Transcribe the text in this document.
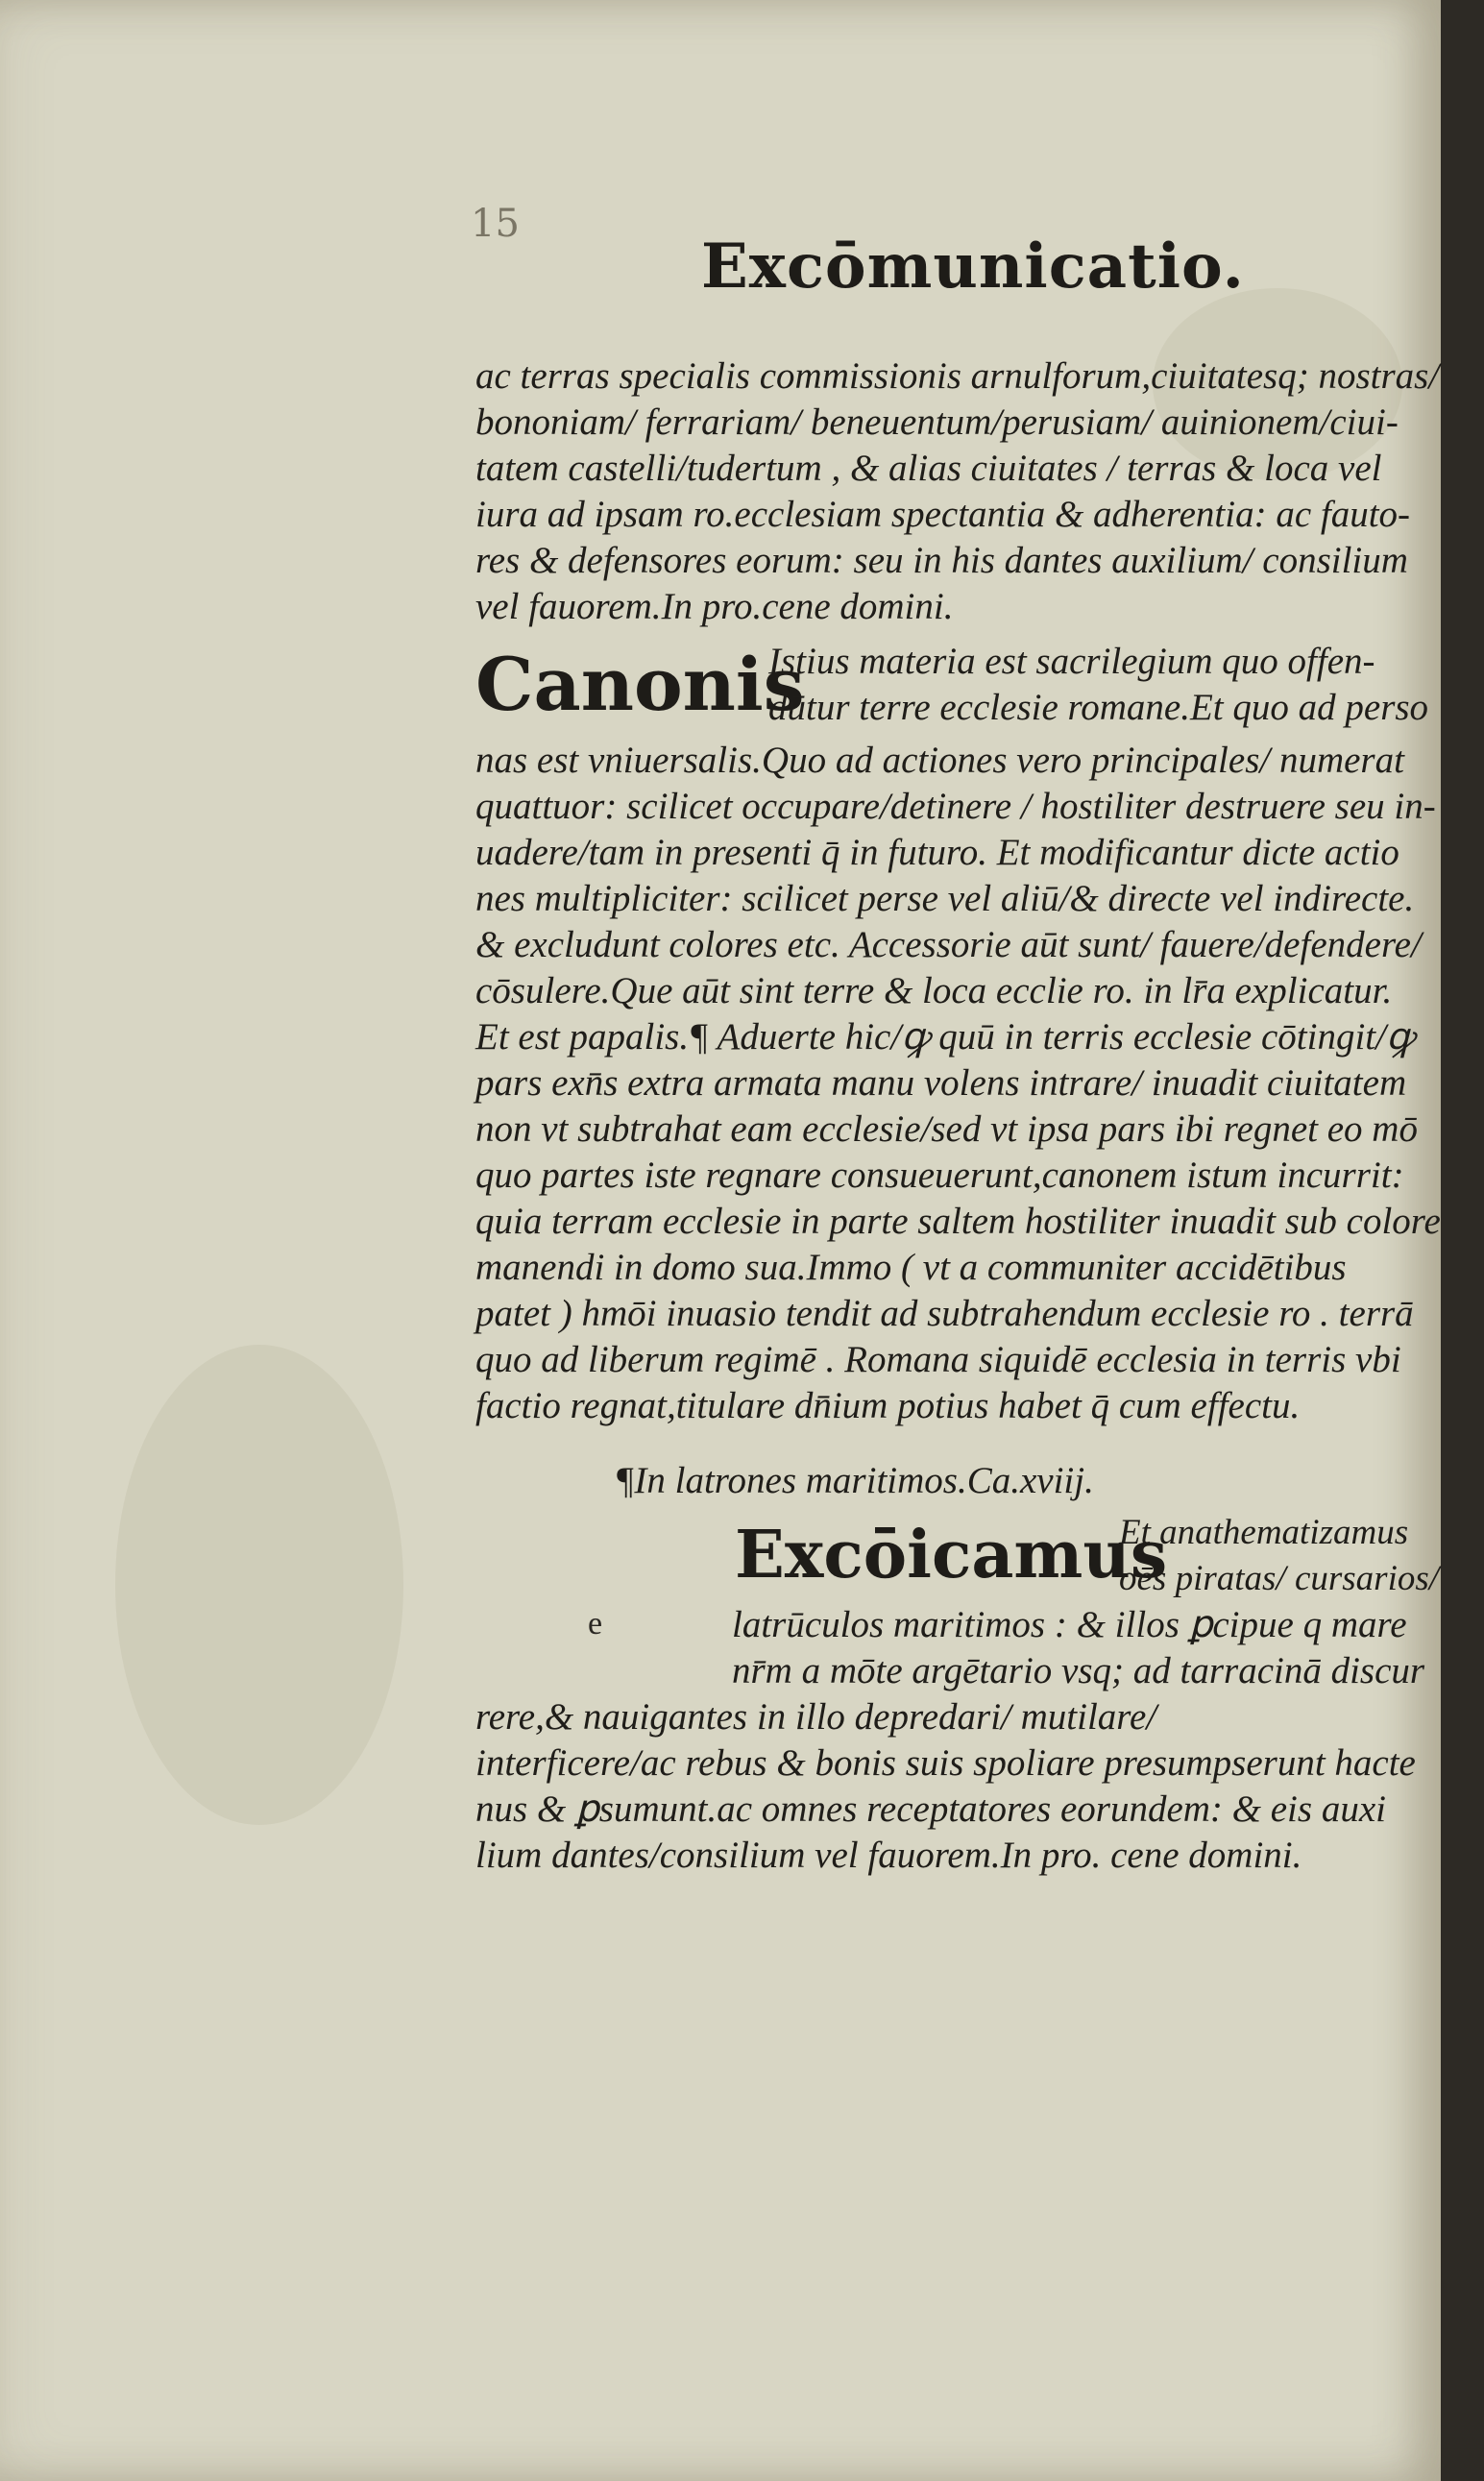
15
Excōmunicatio.
ac terras specialis commissionis arnulforum,ciuitatesq; nostras/
bononiam/ ferrariam/ beneuentum/perusiam/ auinionem/ciui-
tatem castelli/tudertum , & alias ciuitates / terras & loca vel
iura ad ipsam ro.ecclesiam spectantia & adherentia: ac fauto-
res & defensores eorum: seu in his dantes auxilium/ consilium
vel fauorem.In pro.cene domini.
Canonis
Istius materia est sacrilegium quo offen-
dūtur terre ecclesie romane.Et quo ad perso
nas est vniuersalis.Quo ad actiones vero principales/ numerat
quattuor: scilicet occupare/detinere / hostiliter destruere seu in-
uadere/tam in presenti q̄ in futuro. Et modificantur dicte actio
nes multipliciter: scilicet perse vel aliū/& directe vel indirecte.
& excludunt colores etc. Accessorie aūt sunt/ fauere/defendere/
cōsulere.Que aūt sint terre & loca ecclie ro. in lr̄a explicatur.
Et est papalis.¶ Aduerte hic/ꝙ quū in terris ecclesie cōtingit/ꝙ
pars exn̄s extra armata manu volens intrare/ inuadit ciuitatem
non vt subtrahat eam ecclesie/sed vt ipsa pars ibi regnet eo mō
quo partes iste regnare consueuerunt,canonem istum incurrit:
quia terram ecclesie in parte saltem hostiliter inuadit sub colore
manendi in domo sua.Immo ( vt a communiter accidētibus
patet ) hmōi inuasio tendit ad subtrahendum ecclesie ro . terrā
quo ad liberum regimē . Romana siquidē ecclesia in terris vbi
factio regnat,titulare dn̄ium potius habet q̄ cum effectu.
¶In latrones maritimos.Ca.xviij.
Excōicamus
Et anathematizamus
oēs piratas/ cursarios/
e	latrūculos maritimos : & illos ꝑcipue q mare
nr̄m a mōte argētario vsq; ad tarracinā discur
rere,& nauigantes in illo depredari/ mutilare/
interficere/ac rebus & bonis suis spoliare presumpserunt hacte
nus & ꝑsumunt.ac omnes receptatores eorundem: & eis auxi
lium dantes/consilium vel fauorem.In pro. cene domini.
